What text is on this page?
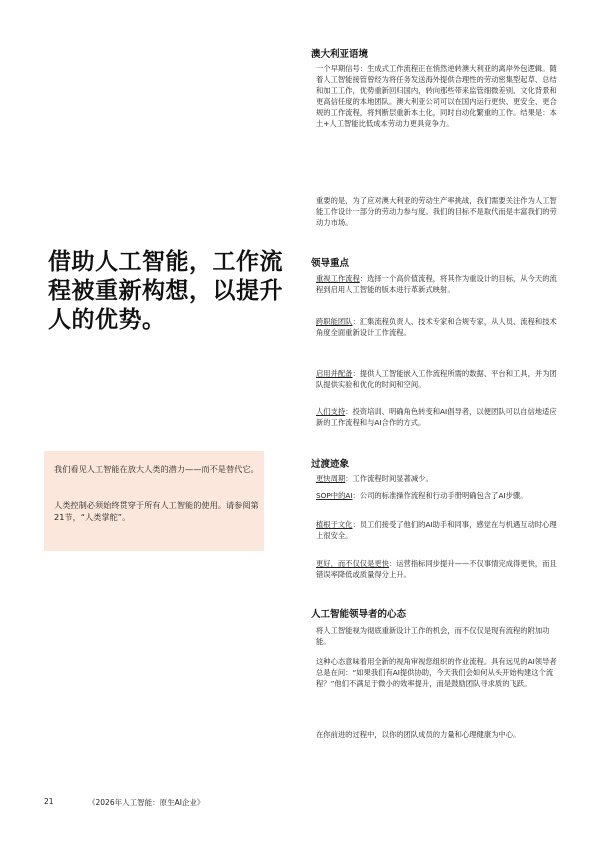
借助人工智能，工作流程被重新构想，以提升人的优势。

我们看见人工智能在放大人类的潜力——而不是替代它。

人类控制必须始终贯穿于所有人工智能的使用。请参阅第21节，“人类掌舵”。

澳大利亚语境

一个早期信号：生成式工作流程正在悄然逆转澳大利亚的离岸外包逻辑。随着人工智能接管曾经为将任务发送海外提供合理性的劳动密集型起草、总结和加工工作，优势重新回归国内，转向那些带来监管细微差别、文化背景和更高信任度的本地团队。澳大利亚公司可以在国内运行更快、更安全、更合规的工作流程，将判断层重新本土化，同时自动化繁重的工作。结果是：本土+人工智能比低成本劳动力更具竞争力。

重要的是，为了应对澳大利亚的劳动生产率挑战，我们需要关注作为人工智能工作设计一部分的劳动力参与度。我们的目标不是取代而是丰富我们的劳动力市场。

领导重点

重视工作流程：选择一个高价值流程，将其作为重设计的目标，从今天的流程到启用人工智能的版本进行革新式映射。

跨职能团队：汇集流程负责人、技术专家和合规专家，从人员、流程和技术角度全面重新设计工作流程。

启用并配备：提供人工智能嵌入工作流程所需的数据、平台和工具，并为团队提供实验和优化的时间和空间。

人们支持：投资培训、明确角色转变和AI倡导者，以便团队可以自信地适应新的工作流程和与AI合作的方式。

过渡迹象

更快周期：工作流程时间显著减少。

SOP中的AI：公司的标准操作流程和行动手册明确包含了AI步骤。

植根于文化：员工们接受了他们的AI助手和同事，感觉在与机遇互动时心理上很安全。

更好，而不仅仅是更快：运营指标同步提升——不仅事情完成得更快，而且错误率降低或质量得分上升。

人工智能领导者的心态

将人工智能视为彻底重新设计工作的机会，而不仅仅是现有流程的附加功能。

这种心态意味着用全新的视角审视您组织的作业流程。具有远见的AI领导者总是在问：“如果我们有AI提供协助，今天我们会如何从头开始构建这个流程？”他们不满足于微小的效率提升，而是鼓励团队寻求质的飞跃。

在你前进的过程中，以你的团队成员的力量和心理健康为中心。

21	《2026年人工智能：原生AI企业》
